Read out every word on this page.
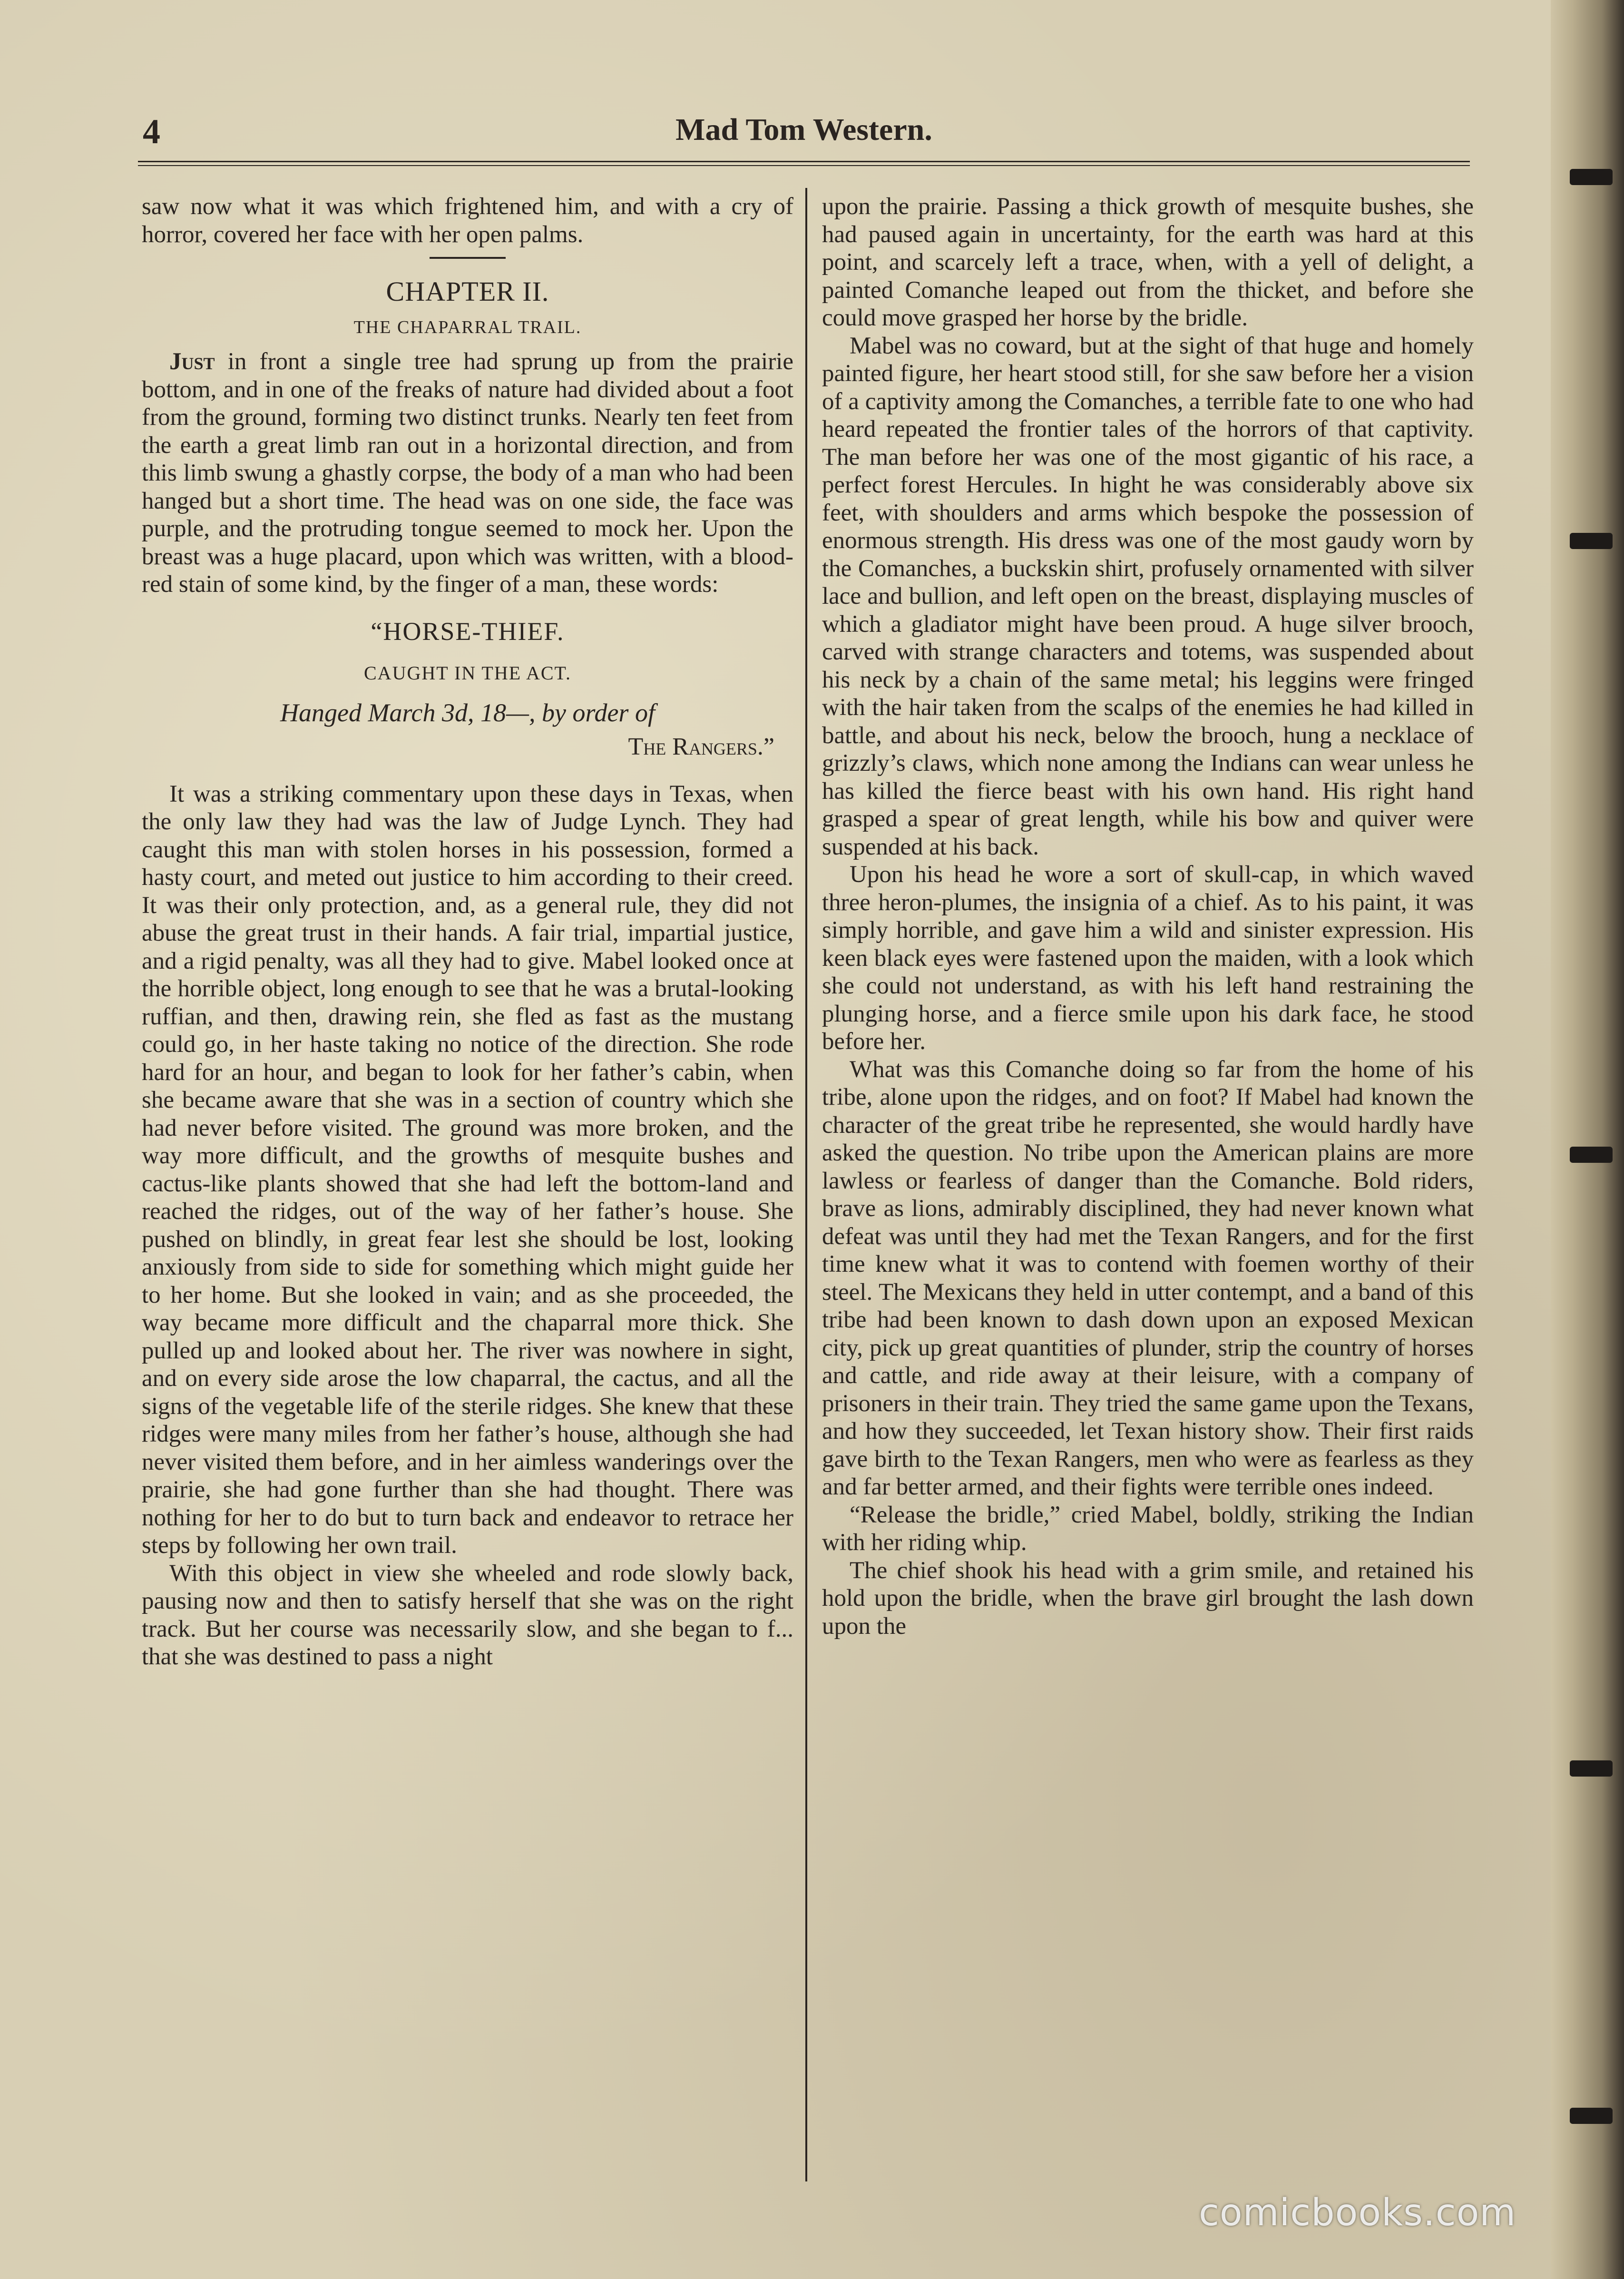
4	Mad Tom Western.

saw now what it was which frightened him, and with a cry of horror, covered her face with her open palms.

CHAPTER II.
THE CHAPARRAL TRAIL.

Just in front a single tree had sprung up from the prairie bottom, and in one of the freaks of nature had divided about a foot from the ground, forming two distinct trunks. Nearly ten feet from the earth a great limb ran out in a horizontal direction, and from this limb swung a ghastly corpse, the body of a man who had been hanged but a short time. The head was on one side, the face was purple, and the protruding tongue seemed to mock her. Upon the breast was a huge placard, upon which was written, with a blood-red stain of some kind, by the finger of a man, these words:

“HORSE-THIEF.
CAUGHT IN THE ACT.
Hanged March 3d, 18—, by order of
The Rangers.”

It was a striking commentary upon these days in Texas, when the only law they had was the law of Judge Lynch. They had caught this man with stolen horses in his possession, formed a hasty court, and meted out justice to him according to their creed. It was their only protection, and, as a general rule, they did not abuse the great trust in their hands. A fair trial, impartial justice, and a rigid penalty, was all they had to give. Mabel looked once at the horrible object, long enough to see that he was a brutal-looking ruffian, and then, drawing rein, she fled as fast as the mustang could go, in her haste taking no notice of the direction. She rode hard for an hour, and began to look for her father’s cabin, when she became aware that she was in a section of country which she had never before visited. The ground was more broken, and the way more difficult, and the growths of mesquite bushes and cactus-like plants showed that she had left the bottom-land and reached the ridges, out of the way of her father’s house. She pushed on blindly, in great fear lest she should be lost, looking anxiously from side to side for something which might guide her to her home. But she looked in vain; and as she proceeded, the way became more difficult and the chaparral more thick. She pulled up and looked about her. The river was nowhere in sight, and on every side arose the low chaparral, the cactus, and all the signs of the vegetable life of the sterile ridges. She knew that these ridges were many miles from her father’s house, although she had never visited them before, and in her aimless wanderings over the prairie, she had gone further than she had thought. There was nothing for her to do but to turn back and endeavor to retrace her steps by following her own trail.

With this object in view she wheeled and rode slowly back, pausing now and then to satisfy herself that she was on the right track. But her course was necessarily slow, and she began to f... that she was destined to pass a night

upon the prairie. Passing a thick growth of mesquite bushes, she had paused again in uncertainty, for the earth was hard at this point, and scarcely left a trace, when, with a yell of delight, a painted Comanche leaped out from the thicket, and before she could move grasped her horse by the bridle.

Mabel was no coward, but at the sight of that huge and homely painted figure, her heart stood still, for she saw before her a vision of a captivity among the Comanches, a terrible fate to one who had heard repeated the frontier tales of the horrors of that captivity. The man before her was one of the most gigantic of his race, a perfect forest Hercules. In hight he was considerably above six feet, with shoulders and arms which bespoke the possession of enormous strength. His dress was one of the most gaudy worn by the Comanches, a buckskin shirt, profusely ornamented with silver lace and bullion, and left open on the breast, displaying muscles of which a gladiator might have been proud. A huge silver brooch, carved with strange characters and totems, was suspended about his neck by a chain of the same metal; his leggins were fringed with the hair taken from the scalps of the enemies he had killed in battle, and about his neck, below the brooch, hung a necklace of grizzly’s claws, which none among the Indians can wear unless he has killed the fierce beast with his own hand. His right hand grasped a spear of great length, while his bow and quiver were suspended at his back.

Upon his head he wore a sort of skull-cap, in which waved three heron-plumes, the insignia of a chief. As to his paint, it was simply horrible, and gave him a wild and sinister expression. His keen black eyes were fastened upon the maiden, with a look which she could not understand, as with his left hand restraining the plunging horse, and a fierce smile upon his dark face, he stood before her.

What was this Comanche doing so far from the home of his tribe, alone upon the ridges, and on foot? If Mabel had known the character of the great tribe he represented, she would hardly have asked the question. No tribe upon the American plains are more lawless or fearless of danger than the Comanche. Bold riders, brave as lions, admirably disciplined, they had never known what defeat was until they had met the Texan Rangers, and for the first time knew what it was to contend with foemen worthy of their steel. The Mexicans they held in utter contempt, and a band of this tribe had been known to dash down upon an exposed Mexican city, pick up great quantities of plunder, strip the country of horses and cattle, and ride away at their leisure, with a company of prisoners in their train. They tried the same game upon the Texans, and how they succeeded, let Texan history show. Their first raids gave birth to the Texan Rangers, men who were as fearless as they and far better armed, and their fights were terrible ones indeed.

“Release the bridle,” cried Mabel, boldly, striking the Indian with her riding whip.

The chief shook his head with a grim smile, and retained his hold upon the bridle, when the brave girl brought the lash down upon the

comicbooks.com
